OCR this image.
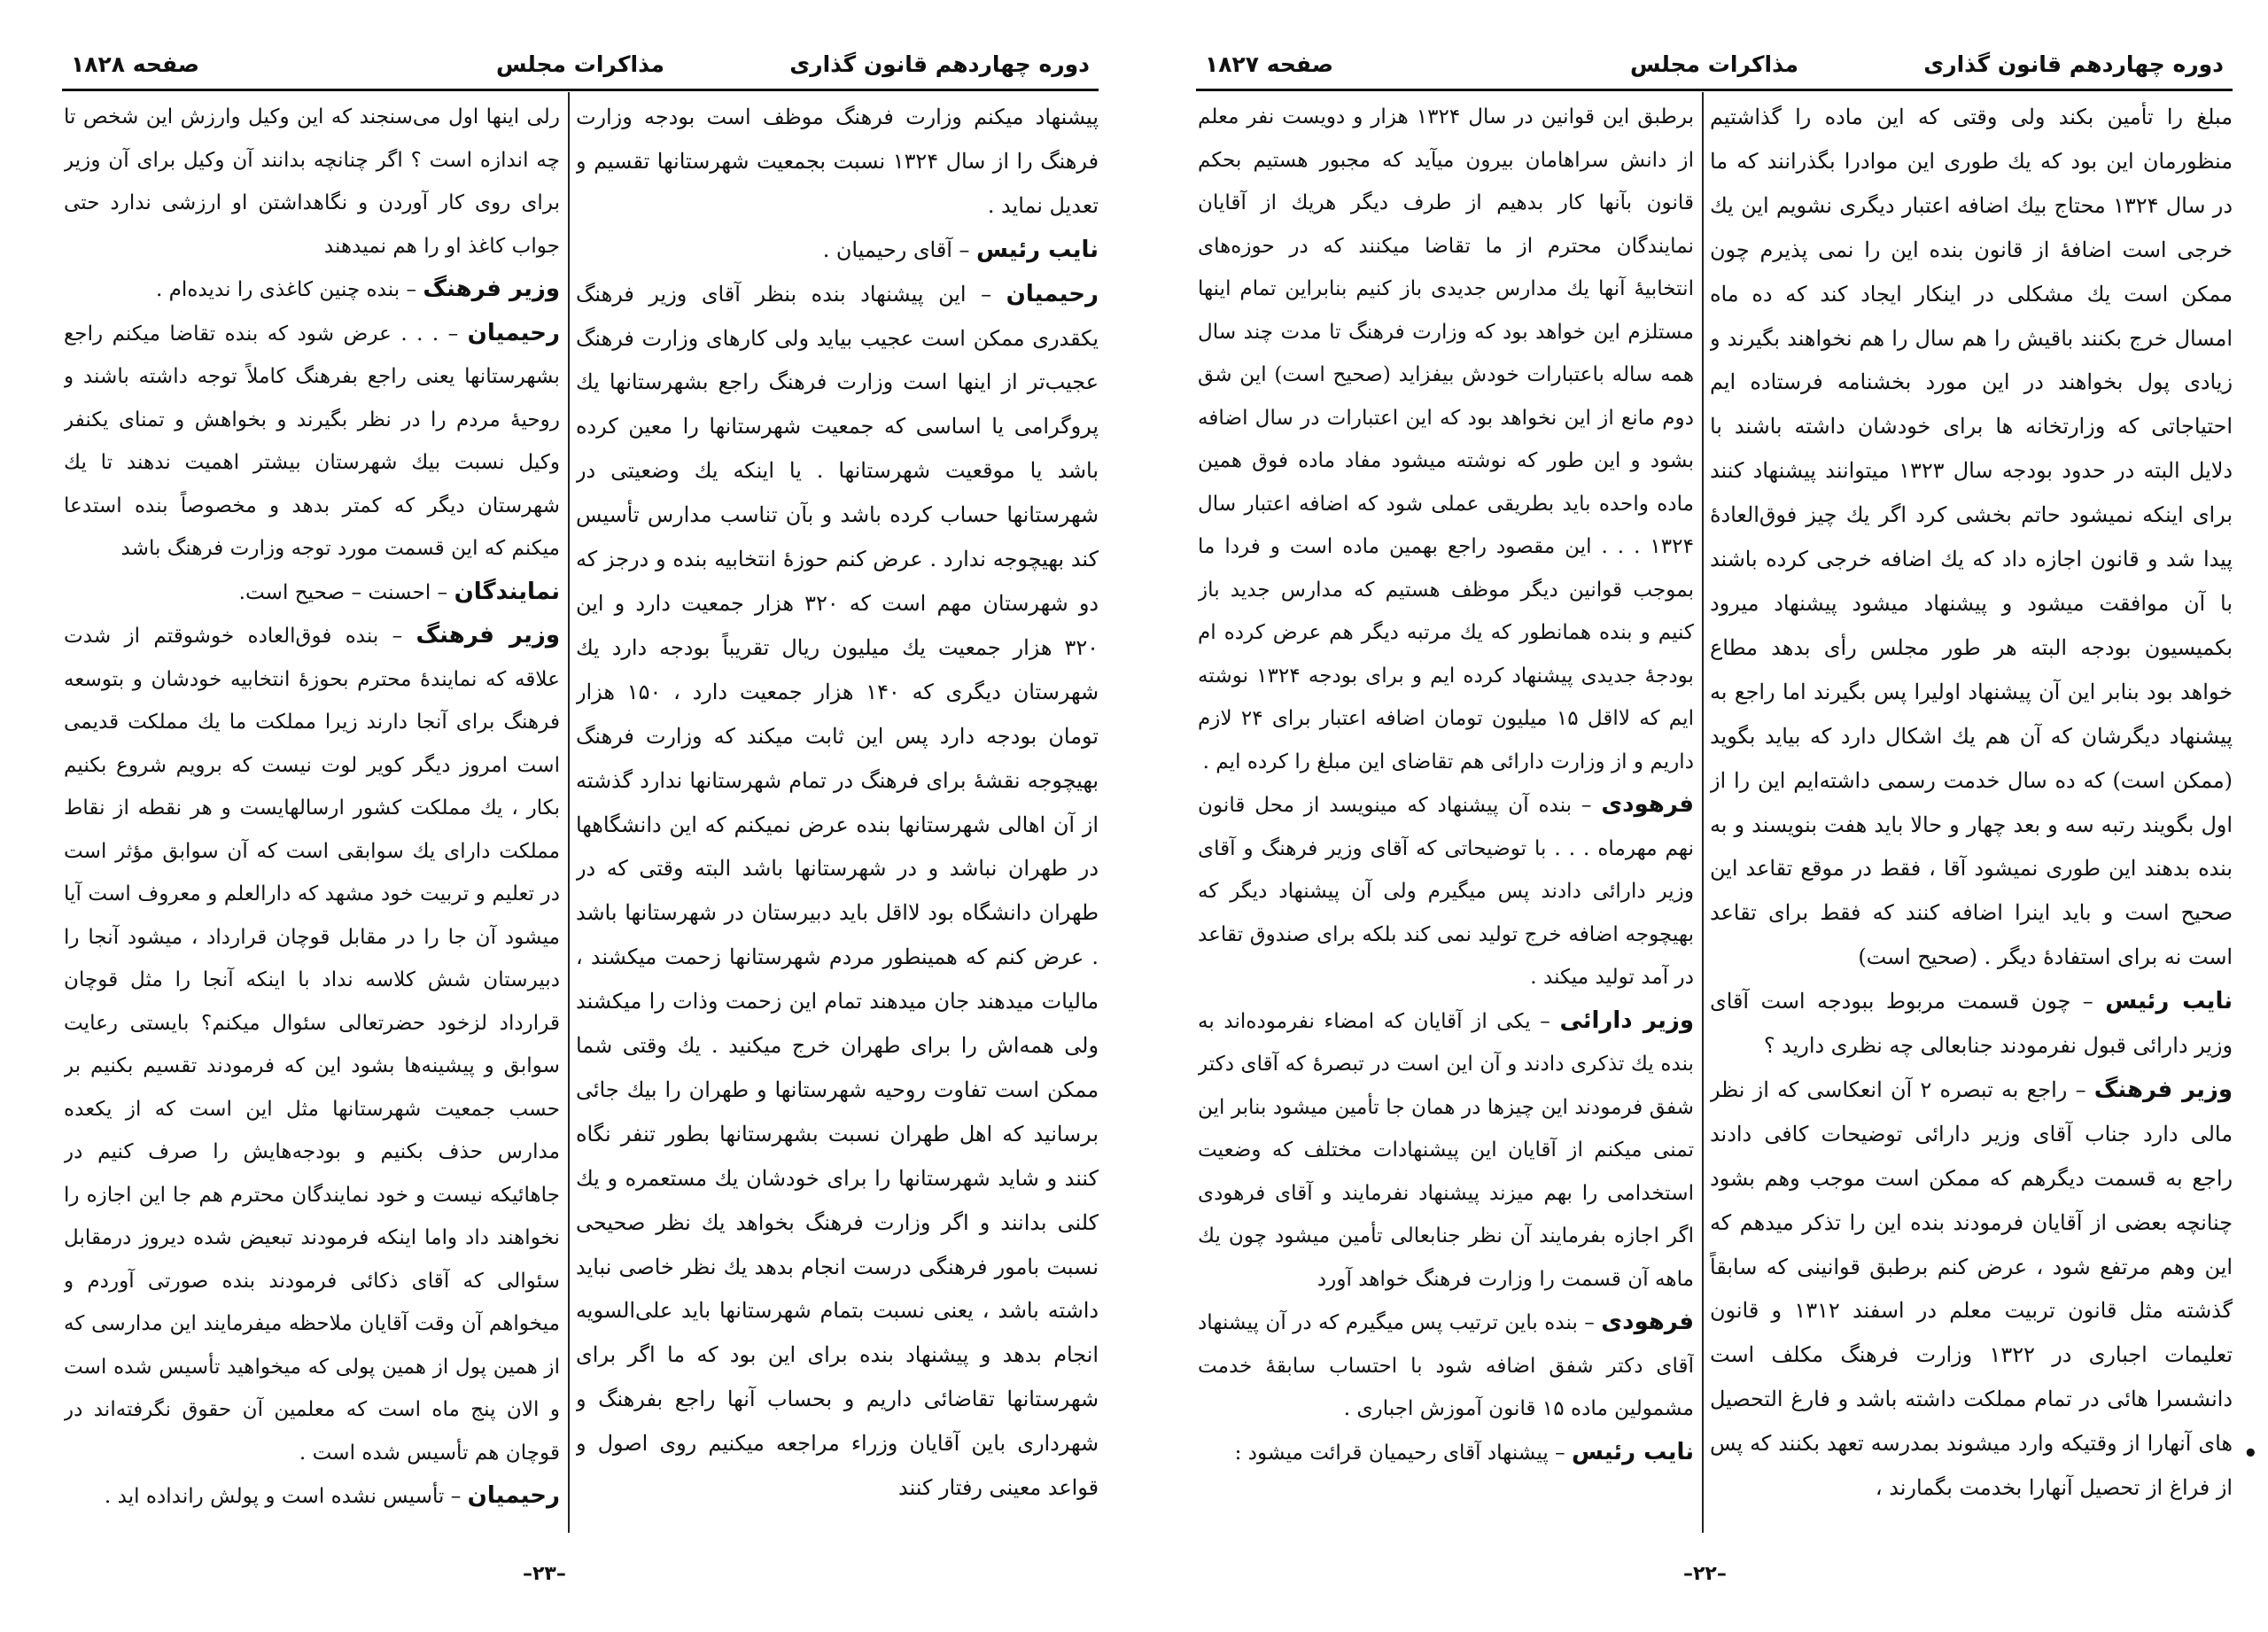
دوره چهاردهم قانون گذاری
مذاکرات مجلس
صفحه ۱۸۲۸

پیشنهاد میکنم وزارت فرهنگ موظف است بودجه وزارت فرهنگ را از سال ۱۳۲۴ نسبت بجمعیت شهرستانها تقسیم و تعدیل نماید .

نایب رئیس – آقای رحیمیان .

رحیمیان – این پیشنهاد بنده بنظر آقای وزیر فرهنگ یکقدری ممکن است عجیب بیاید ولی کارهای وزارت فرهنگ عجیب‌تر از اینها است وزارت فرهنگ راجع بشهرستانها یك پروگرامی یا اساسی که جمعیت شهرستانها را معین کرده باشد یا موقعیت شهرستانها . یا اینکه یك وضعیتی در شهرستانها حساب کرده باشد و بآن تناسب مدارس تأسیس کند بهیچوجه ندارد . عرض کنم حوزهٔ انتخابیه بنده و درجز که دو شهرستان مهم است که ۳۲۰ هزار جمعیت دارد و این ۳۲۰ هزار جمعیت یك میلیون ریال تقریباً بودجه دارد یك شهرستان دیگری که ۱۴۰ هزار جمعیت دارد ، ۱۵۰ هزار تومان بودجه دارد پس این ثابت میکند که وزارت فرهنگ بهیچوجه نقشهٔ برای فرهنگ در تمام شهرستانها ندارد گذشته از آن اهالی شهرستانها بنده عرض نمیکنم که این دانشگاهها در طهران نباشد و در شهرستانها باشد البته وقتی که در طهران دانشگاه بود لااقل باید دبیرستان در شهرستانها باشد . عرض کنم که همینطور مردم شهرستانها زحمت میکشند ، مالیات میدهند جان میدهند تمام این زحمت وذات را میکشند ولی همه‌اش را برای طهران خرج میکنید . یك وقتی شما ممکن است تفاوت روحیه شهرستانها و طهران را بیك جائی برسانید که اهل طهران نسبت بشهرستانها بطور تنفر نگاه کنند و شاید شهرستانها را برای خودشان یك مستعمره و یك کلنی بدانند و اگر وزارت فرهنگ بخواهد یك نظر صحیحی نسبت بامور فرهنگی درست انجام بدهد یك نظر خاصی نباید داشته باشد ، یعنی نسبت بتمام شهرستانها باید علی‌السویه انجام بدهد و پیشنهاد بنده برای این بود که ما اگر برای شهرستانها تقاضائی داریم و بحساب آنها راجع بفرهنگ و شهرداری باین آقایان وزراء مراجعه میکنیم روی اصول و قواعد معینی رفتار کنند

رلی اینها اول می‌سنجند که این وکیل وارزش این شخص تا چه اندازه است ؟ اگر چنانچه بدانند آن وکیل برای آن وزیر برای روی کار آوردن و نگاهداشتن او ارزشی ندارد حتی جواب کاغذ او را هم نمیدهند

وزیر فرهنگ – بنده چنین کاغذی را ندیده‌ام .

رحیمیان – . . . عرض شود که بنده تقاضا میکنم راجع بشهرستانها یعنی راجع بفرهنگ کاملاً توجه داشته باشند و روحیهٔ مردم را در نظر بگیرند و بخواهش و تمنای یکنفر وکیل نسبت بیك شهرستان بیشتر اهمیت ندهند تا یك شهرستان دیگر که کمتر بدهد و مخصوصاً بنده استدعا میکنم که این قسمت مورد توجه وزارت فرهنگ باشد

نمایندگان – احسنت – صحیح است.

وزیر فرهنگ – بنده فوق‌العاده خوشوقتم از شدت علاقه که نمایندهٔ محترم بحوزهٔ انتخابیه خودشان و بتوسعه فرهنگ برای آنجا دارند زیرا مملکت ما یك مملکت قدیمی است امروز دیگر کویر لوت نیست که برویم شروع بکنیم بکار ، یك مملکت کشور ارسالهایست و هر نقطه از نقاط مملکت دارای یك سوابقی است که آن سوابق مؤثر است در تعلیم و تربیت خود مشهد که دارالعلم و معروف است آیا میشود آن جا را در مقابل قوچان قرارداد ، میشود آنجا را دبیرستان شش کلاسه نداد با اینکه آنجا را مثل قوچان قرارداد لزخود حضرتعالی سئوال میکنم؟ بایستی رعایت سوابق و پیشینه‌ها بشود این که فرمودند تقسیم بکنیم بر حسب جمعیت شهرستانها مثل این است که از یکعده مدارس حذف بکنیم و بودجه‌هایش را صرف کنیم در جاهائیکه نیست و خود نمایندگان محترم هم جا این اجازه را نخواهند داد واما اینکه فرمودند تبعیض شده دیروز درمقابل سئوالی که آقای ذکائی فرمودند بنده صورتی آوردم و میخواهم آن وقت آقایان ملاحظه میفرمایند این مدارسی که از همین پول از همین پولی که میخواهید تأسیس شده است و الان پنج ماه است که معلمین آن حقوق نگرفته‌اند در قوچان هم تأسیس شده است .

رحیمیان – تأسیس نشده است و پولش رانداده اید .

–۲۳–
دوره چهاردهم قانون گذاری
مذاکرات مجلس
صفحه ۱۸۲۷

مبلغ را تأمین بکند ولی وقتی که این ماده را گذاشتیم منظورمان این بود که یك طوری این موادرا بگذرانند که ما در سال ۱۳۲۴ محتاج بیك اضافه اعتبار دیگری نشویم این یك خرجی است اضافهٔ از قانون بنده این را نمی پذیرم چون ممکن است یك مشکلی در اینکار ایجاد کند که ده ماه امسال خرج بکنند باقیش را هم سال را هم نخواهند بگیرند و زیادی پول بخواهند در این مورد بخشنامه فرستاده ایم احتیاجاتی که وزارتخانه ها برای خودشان داشته باشند با دلایل البته در حدود بودجه سال ۱۳۲۳ میتوانند پیشنهاد کنند برای اینکه نمیشود حاتم بخشی کرد اگر یك چیز فوق‌العادهٔ پیدا شد و قانون اجازه داد که یك اضافه خرجی کرده باشند با آن موافقت میشود و پیشنهاد میشود پیشنهاد میرود بکمیسیون بودجه البته هر طور مجلس رأی بدهد مطاع خواهد بود بنابر این آن پیشنهاد اولیرا پس بگیرند اما راجع به پیشنهاد دیگرشان که آن هم یك اشکال دارد که بیاید بگوید (ممکن است) که ده سال خدمت رسمی داشته‌ایم این را از اول بگویند رتبه سه و بعد چهار و حالا باید هفت بنویسند و به بنده بدهند این طوری نمیشود آقا ، فقط در موقع تقاعد این صحیح است و باید اینرا اضافه کنند که فقط برای تقاعد است نه برای استفادهٔ دیگر . (صحیح است)

نایب رئیس – چون قسمت مربوط ببودجه است آقای وزیر دارائی قبول نفرمودند جنابعالی چه نظری دارید ؟

وزیر فرهنگ – راجع به تبصره ۲ آن انعکاسی که از نظر مالی دارد جناب آقای وزیر دارائی توضیحات کافی دادند راجع به قسمت دیگرهم که ممکن است موجب وهم بشود چنانچه بعضی از آقایان فرمودند بنده این را تذکر میدهم که این وهم مرتفع شود ، عرض کنم برطبق قوانینی که سابقاً گذشته مثل قانون تربیت معلم در اسفند ۱۳۱۲ و قانون تعلیمات اجباری در ۱۳۲۲ وزارت فرهنگ مکلف است دانشسرا هائی در تمام مملکت داشته باشد و فارغ التحصیل های آنهارا از وقتیکه وارد میشوند بمدرسه تعهد بکنند که پس از فراغ از تحصیل آنهارا بخدمت بگمارند ،

برطبق این قوانین در سال ۱۳۲۴ هزار و دویست نفر معلم از دانش سراهامان بیرون میآید که مجبور هستیم بحکم قانون بآنها کار بدهیم از طرف دیگر هریك از آقایان نمایندگان محترم از ما تقاضا میکنند که در حوزه‌های انتخابیهٔ آنها یك مدارس جدیدی باز کنیم بنابراین تمام اینها مستلزم این خواهد بود که وزارت فرهنگ تا مدت چند سال همه ساله باعتبارات خودش بیفزاید (صحیح است) این شق دوم مانع از این نخواهد بود که این اعتبارات در سال اضافه بشود و این طور که نوشته میشود مفاد ماده فوق همین ماده واحده باید بطریقی عملی شود که اضافه اعتبار سال ۱۳۲۴ . . . این مقصود راجع بهمین ماده است و فردا ما بموجب قوانین دیگر موظف هستیم که مدارس جدید باز کنیم و بنده همانطور که یك مرتبه دیگر هم عرض کرده ام بودجهٔ جدیدی پیشنهاد کرده ایم و برای بودجه ۱۳۲۴ نوشته ایم که لااقل ۱۵ میلیون تومان اضافه اعتبار برای ۲۴ لازم داریم و از وزارت دارائی هم تقاضای این مبلغ را کرده ایم .

فرهودی – بنده آن پیشنهاد که مینویسد از محل قانون نهم مهرماه . . . با توضیحاتی که آقای وزیر فرهنگ و آقای وزیر دارائی دادند پس میگیرم ولی آن پیشنهاد دیگر که بهیچوجه اضافه خرج تولید نمی کند بلکه برای صندوق تقاعد در آمد تولید میکند .

وزیر دارائی – یکی از آقایان که امضاء نفرموده‌اند به بنده یك تذکری دادند و آن این است در تبصرهٔ که آقای دکتر شفق فرمودند این چیزها در همان جا تأمین میشود بنابر این تمنی میکنم از آقایان این پیشنهادات مختلف که وضعیت استخدامی را بهم میزند پیشنهاد نفرمایند و آقای فرهودی اگر اجازه بفرمایند آن نظر جنابعالی تأمین میشود چون یك ماهه آن قسمت را وزارت فرهنگ خواهد آورد

فرهودی – بنده باین ترتیب پس میگیرم که در آن پیشنهاد آقای دکتر شفق اضافه شود با احتساب سابقهٔ خدمت مشمولین ماده ۱۵ قانون آموزش اجباری .

نایب رئیس – پیشنهاد آقای رحیمیان قرائت میشود :

–۲۲–
•
